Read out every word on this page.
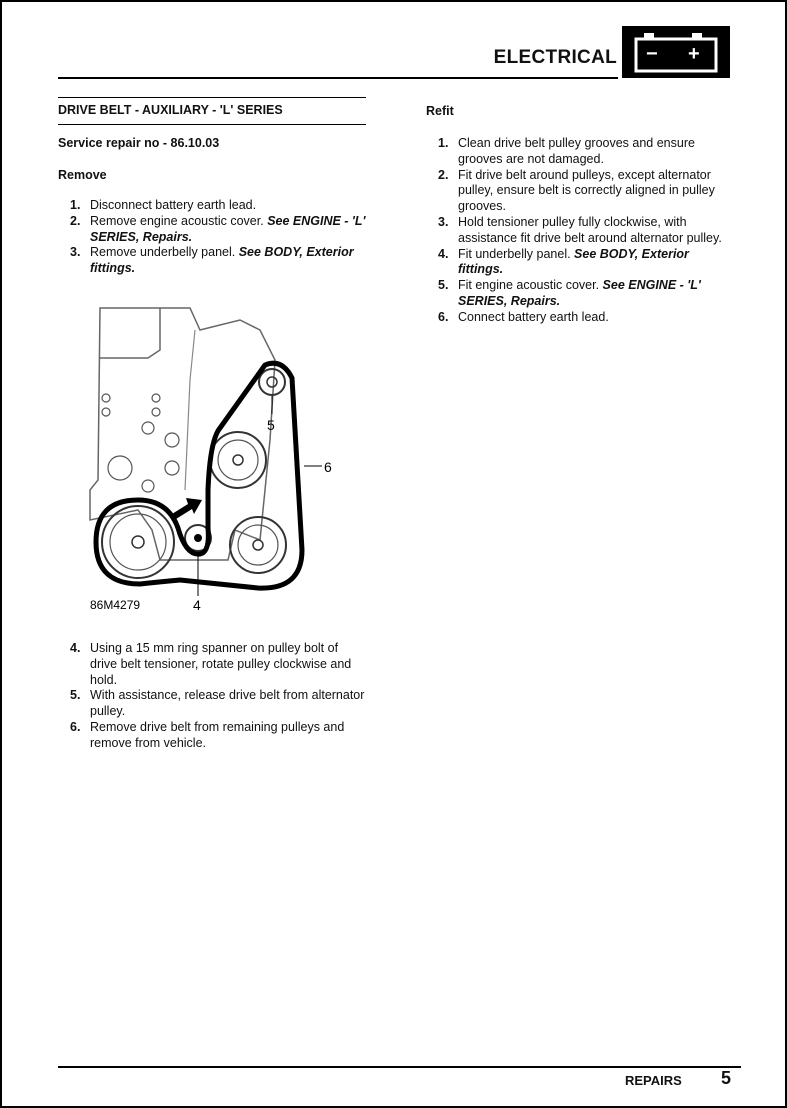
ELECTRICAL − +
DRIVE BELT - AUXILIARY - 'L' SERIES
Service repair no - 86.10.03
Remove
1. Disconnect battery earth lead.
2. Remove engine acoustic cover. See ENGINE - 'L' SERIES, Repairs.
3. Remove underbelly panel. See BODY, Exterior fittings.
5
6
4
86M4279
4. Using a 15 mm ring spanner on pulley bolt of drive belt tensioner, rotate pulley clockwise and hold.
5. With assistance, release drive belt from alternator pulley.
6. Remove drive belt from remaining pulleys and remove from vehicle.
Refit
1. Clean drive belt pulley grooves and ensure grooves are not damaged.
2. Fit drive belt around pulleys, except alternator pulley, ensure belt is correctly aligned in pulley grooves.
3. Hold tensioner pulley fully clockwise, with assistance fit drive belt around alternator pulley.
4. Fit underbelly panel. See BODY, Exterior fittings.
5. Fit engine acoustic cover. See ENGINE - 'L' SERIES, Repairs.
6. Connect battery earth lead.
REPAIRS 5
